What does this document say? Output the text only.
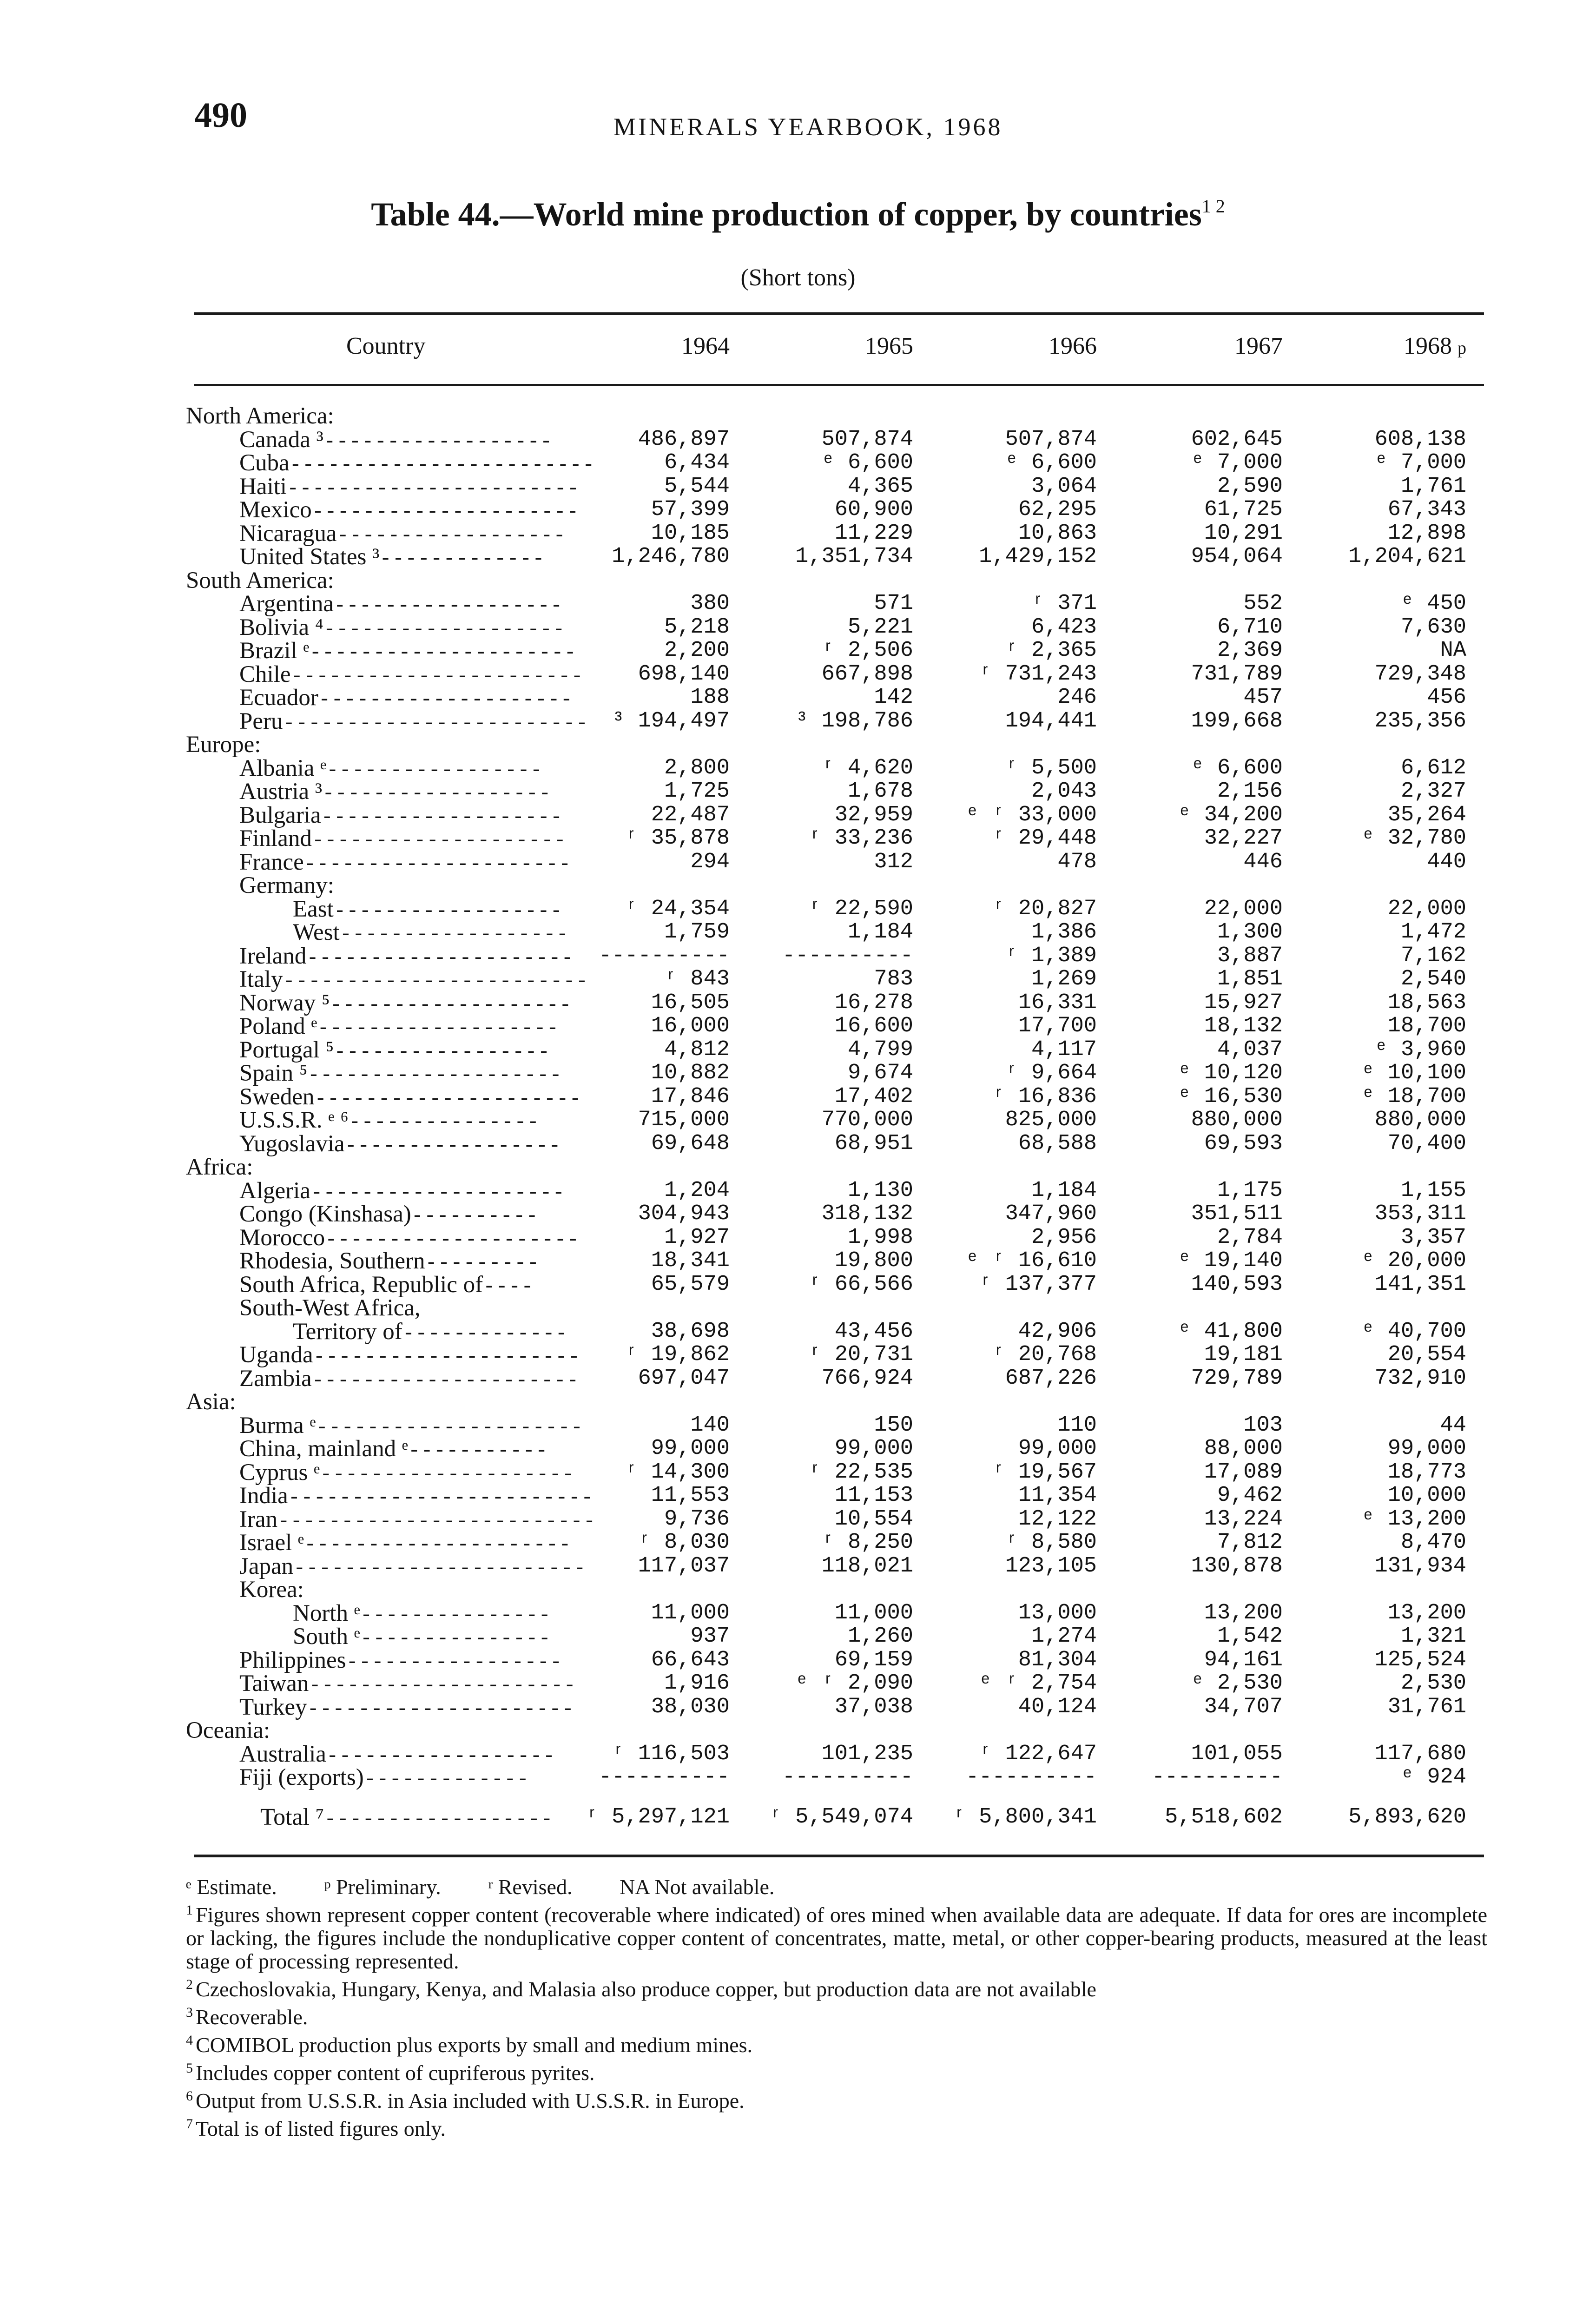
490	MINERALS YEARBOOK, 1968
Table 44.—World mine production of copper, by countries$^{1 2}$
(Short tons)
Country	1964	1965	1966	1967	1968 p
North America:
Canada ³------------------	486,897	507,874	507,874	602,645	608,138
Cuba------------------------	6,434	ᵉ 6,600	ᵉ 6,600	ᵉ 7,000	ᵉ 7,000
Haiti-----------------------	5,544	4,365	3,064	2,590	1,761
Mexico---------------------	57,399	60,900	62,295	61,725	67,343
Nicaragua------------------	10,185	11,229	10,863	10,291	12,898
United States ³-------------	1,246,780	1,351,734	1,429,152	954,064	1,204,621
South America:
Argentina------------------	380	571	ʳ 371	552	ᵉ 450
Bolivia ⁴-------------------	5,218	5,221	6,423	6,710	7,630
Brazil ᵉ---------------------	2,200	ʳ 2,506	ʳ 2,365	2,369	NA
Chile-----------------------	698,140	667,898	ʳ 731,243	731,789	729,348
Ecuador--------------------	188	142	246	457	456
Peru------------------------	³ 194,497	³ 198,786	194,441	199,668	235,356
Europe:
Albania ᵉ-----------------	2,800	ʳ 4,620	ʳ 5,500	ᵉ 6,600	6,612
Austria ³------------------	1,725	1,678	2,043	2,156	2,327
Bulgaria-------------------	22,487	32,959	ᵉ ʳ 33,000	ᵉ 34,200	35,264
Finland--------------------	ʳ 35,878	ʳ 33,236	ʳ 29,448	32,227	ᵉ 32,780
France---------------------	294	312	478	446	440
Germany:
East------------------	ʳ 24,354	ʳ 22,590	ʳ 20,827	22,000	22,000
West------------------	1,759	1,184	1,386	1,300	1,472
Ireland---------------------	----------	----------	ʳ 1,389	3,887	7,162
Italy------------------------	ʳ 843	783	1,269	1,851	2,540
Norway ⁵-------------------	16,505	16,278	16,331	15,927	18,563
Poland ᵉ-------------------	16,000	16,600	17,700	18,132	18,700
Portugal ⁵-----------------	4,812	4,799	4,117	4,037	ᵉ 3,960
Spain ⁵--------------------	10,882	9,674	ʳ 9,664	ᵉ 10,120	ᵉ 10,100
Sweden---------------------	17,846	17,402	ʳ 16,836	ᵉ 16,530	ᵉ 18,700
U.S.S.R. ᵉ ⁶---------------	715,000	770,000	825,000	880,000	880,000
Yugoslavia-----------------	69,648	68,951	68,588	69,593	70,400
Africa:
Algeria--------------------	1,204	1,130	1,184	1,175	1,155
Congo (Kinshasa)----------	304,943	318,132	347,960	351,511	353,311
Morocco--------------------	1,927	1,998	2,956	2,784	3,357
Rhodesia, Southern---------	18,341	19,800	ᵉ ʳ 16,610	ᵉ 19,140	ᵉ 20,000
South Africa, Republic of----	65,579	ʳ 66,566	ʳ 137,377	140,593	141,351
South-West Africa,
Territory of-------------	38,698	43,456	42,906	ᵉ 41,800	ᵉ 40,700
Uganda---------------------	ʳ 19,862	ʳ 20,731	ʳ 20,768	19,181	20,554
Zambia---------------------	697,047	766,924	687,226	729,789	732,910
Asia:
Burma ᵉ---------------------	140	150	110	103	44
China, mainland ᵉ-----------	99,000	99,000	99,000	88,000	99,000
Cyprus ᵉ--------------------	ʳ 14,300	ʳ 22,535	ʳ 19,567	17,089	18,773
India------------------------	11,553	11,153	11,354	9,462	10,000
Iran-------------------------	9,736	10,554	12,122	13,224	ᵉ 13,200
Israel ᵉ---------------------	ʳ 8,030	ʳ 8,250	ʳ 8,580	7,812	8,470
Japan-----------------------	117,037	118,021	123,105	130,878	131,934
Korea:
North ᵉ---------------	11,000	11,000	13,000	13,200	13,200
South ᵉ---------------	937	1,260	1,274	1,542	1,321
Philippines-----------------	66,643	69,159	81,304	94,161	125,524
Taiwan---------------------	1,916	ᵉ ʳ 2,090	ᵉ ʳ 2,754	ᵉ 2,530	2,530
Turkey---------------------	38,030	37,038	40,124	34,707	31,761
Oceania:
Australia------------------	ʳ 116,503	101,235	ʳ 122,647	101,055	117,680
Fiji (exports)-------------	----------	----------	----------	----------	ᵉ 924
Total ⁷------------------	ʳ 5,297,121	ʳ 5,549,074	ʳ 5,800,341	5,518,602	5,893,620

ᵉ Estimate. ᵖ Preliminary. ʳ Revised. NA Not available.

$^1$ Figures shown represent copper content (recoverable where indicated) of ores mined when available data are adequate. If data for ores are incomplete or lacking, the figures include the nonduplicative copper content of concentrates, matte, metal, or other copper-bearing products, measured at the least stage of processing represented.

$^2$ Czechoslovakia, Hungary, Kenya, and Malasia also produce copper, but production data are not available

$^3$ Recoverable.

$^4$ COMIBOL production plus exports by small and medium mines.

$^5$ Includes copper content of cupriferous pyrites.

$^6$ Output from U.S.S.R. in Asia included with U.S.S.R. in Europe.

$^7$ Total is of listed figures only.
